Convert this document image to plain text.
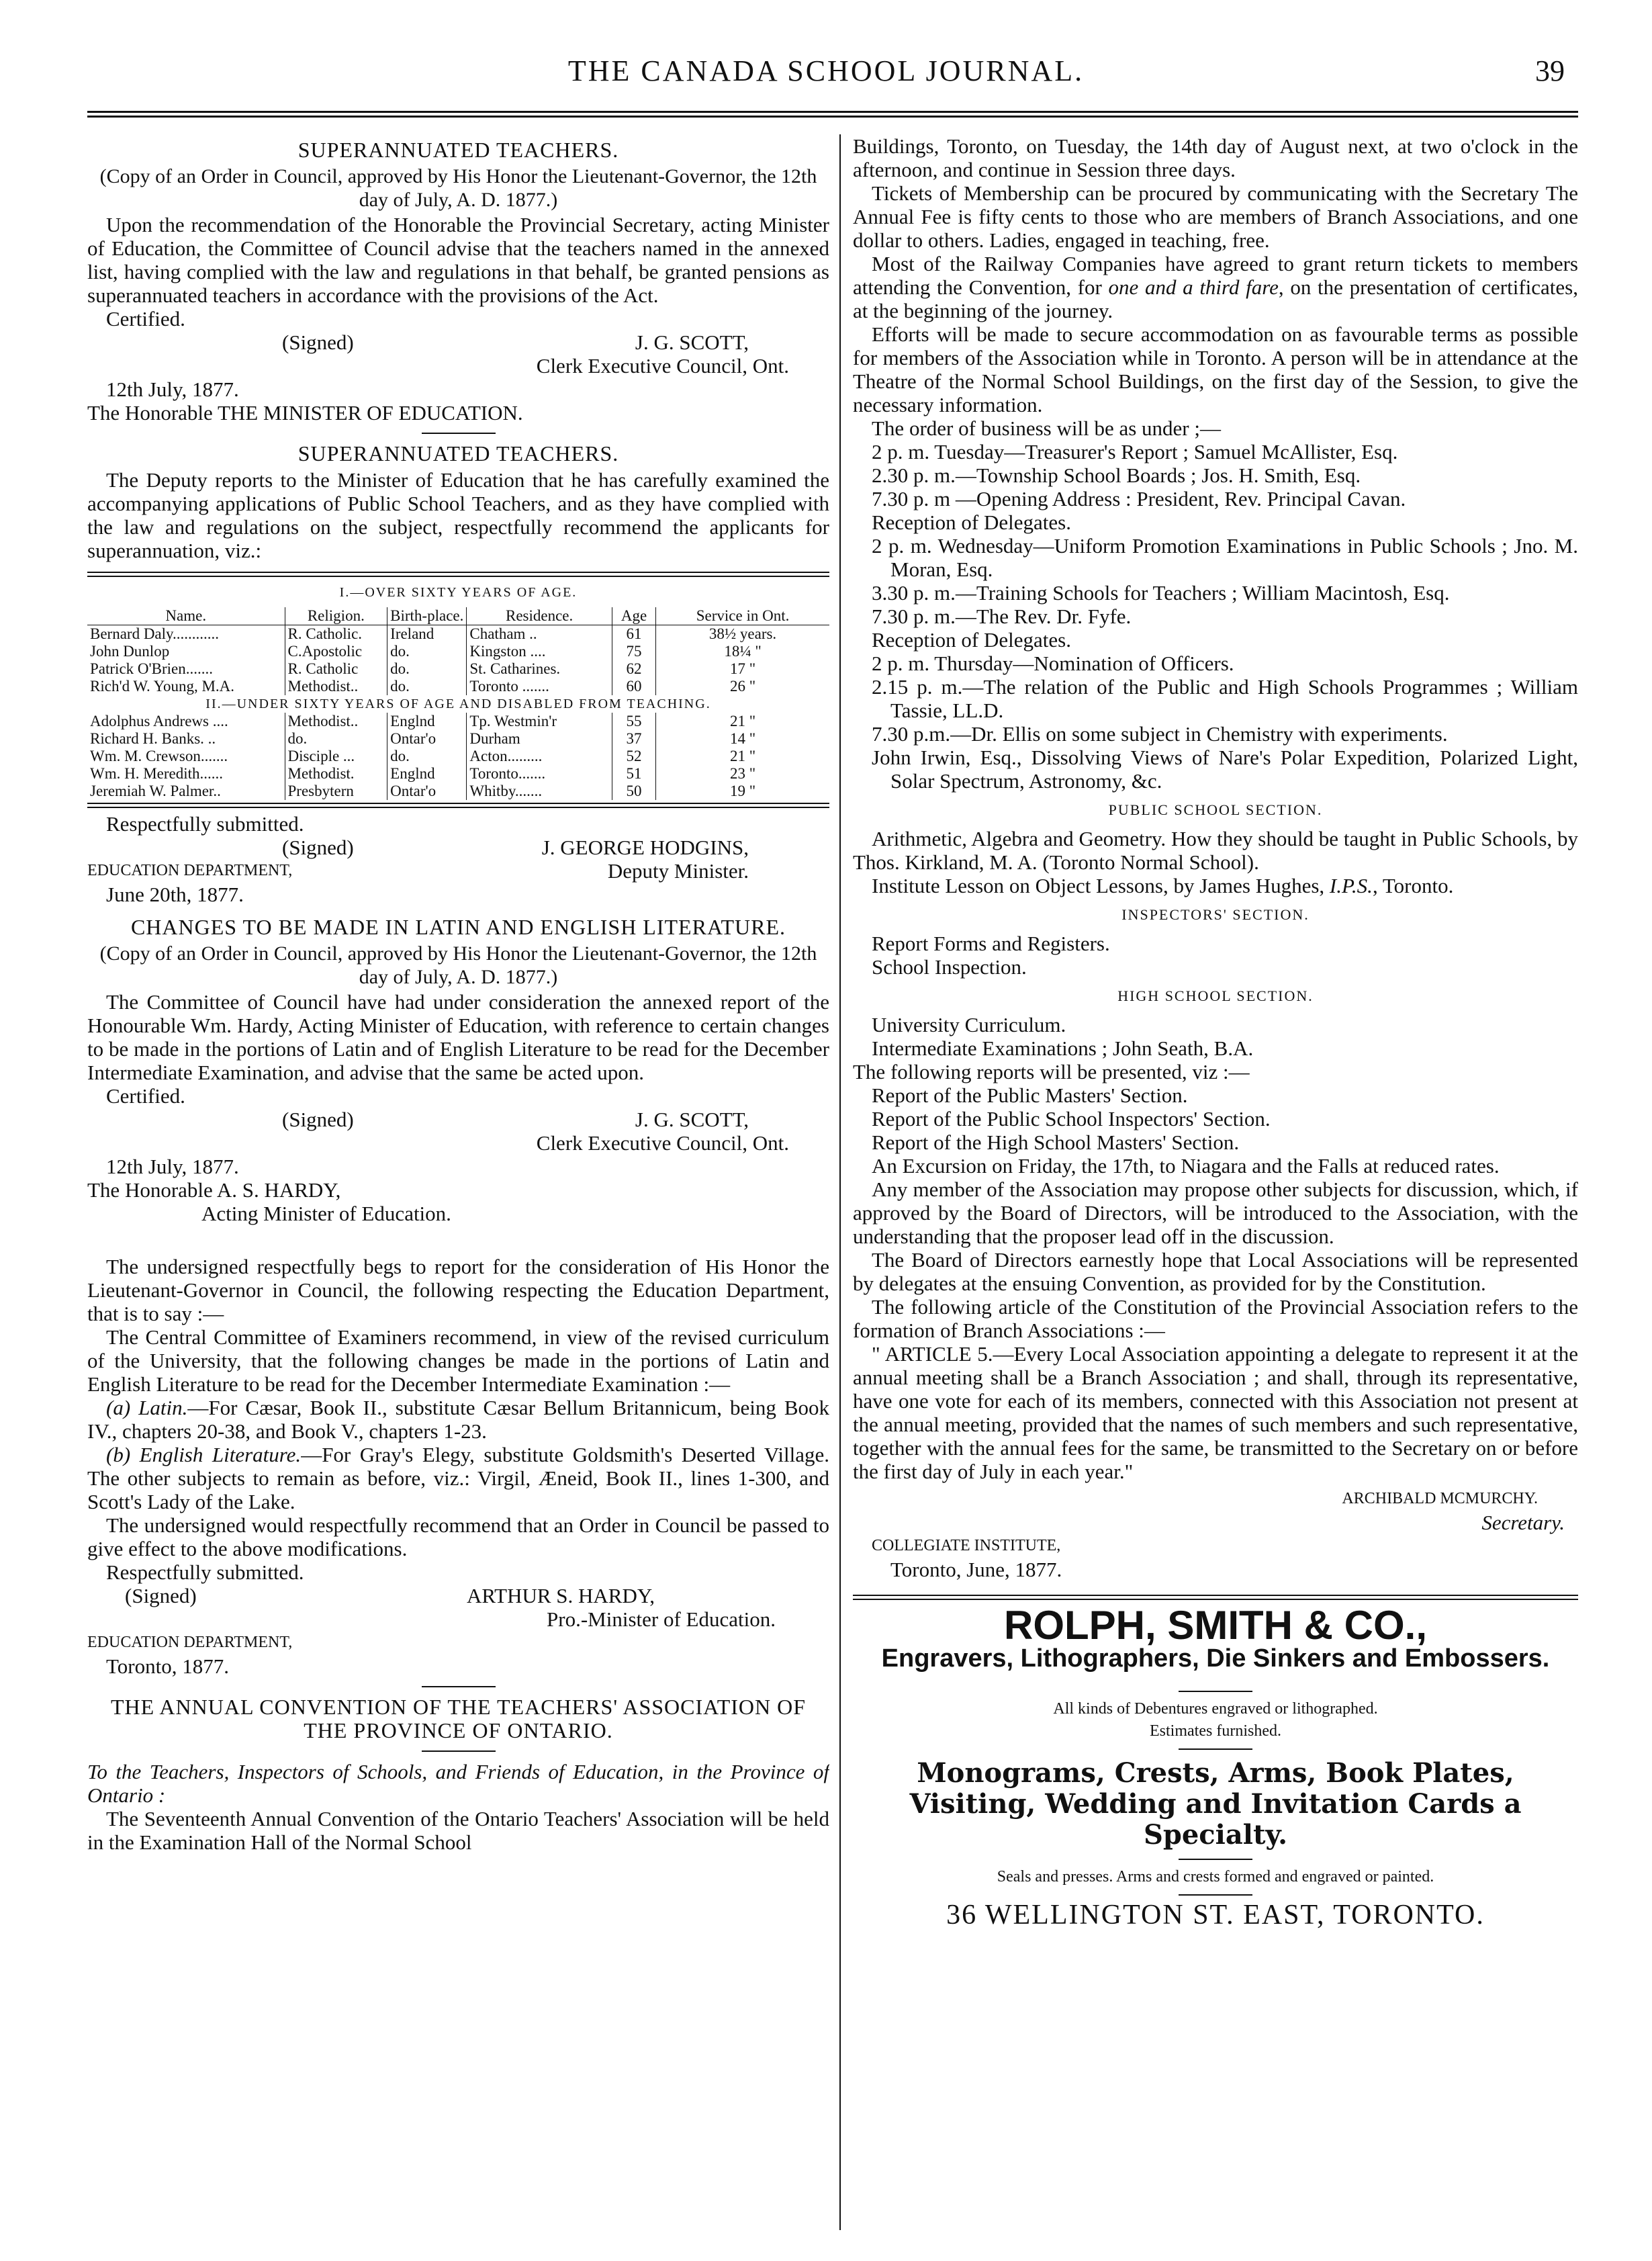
THE CANADA SCHOOL JOURNAL.	39
SUPERANNUATED TEACHERS.
(Copy of an Order in Council, approved by His Honor the Lieutenant-Governor, the 12th day of July, A. D. 1877.)

Upon the recommendation of the Honorable the Provincial Secretary, acting Minister of Education, the Committee of Council advise that the teachers named in the annexed list, having complied with the law and regulations in that behalf, be granted pensions as superannuated teachers in accordance with the provisions of the Act.

Certified.

(Signed)	J. G. SCOTT,
Clerk Executive Council, Ont.

12th July, 1877.

The Honorable THE MINISTER OF EDUCATION.

SUPERANNUATED TEACHERS.

The Deputy reports to the Minister of Education that he has carefully examined the accompanying applications of Public School Teachers, and as they have complied with the law and regulations on the subject, respectfully recommend the applicants for superannuation, viz.:

I.—OVER SIXTY YEARS OF AGE.
Name.	Religion.	Birth-place.	Residence.	Age	Service in Ont.
Bernard Daly............	R. Catholic.	Ireland	Chatham ..	61	38½ years.
John Dunlop	C.Apostolic	do.	Kingston ....	75	18¼ "
Patrick O'Brien.......	R. Catholic	do.	St. Catharines.	62	17 "
Rich'd W. Young, M.A.	Methodist..	do.	Toronto .......	60	26 "
II.—UNDER SIXTY YEARS OF AGE AND DISABLED FROM TEACHING.					
Adolphus Andrews ....	Methodist..	Englnd	Tp. Westmin'r	55	21 "
Richard H. Banks. ..	do.	Ontar'o	Durham	37	14 "
Wm. M. Crewson.......	Disciple ...	do.	Acton.........	52	21 "
Wm. H. Meredith......	Methodist.	Englnd	Toronto.......	51	23 "
Jeremiah W. Palmer..	Presbytern	Ontar'o	Whitby.......	50	19 "

Respectfully submitted.

(Signed)	J. GEORGE HODGINS,
EDUCATION DEPARTMENT,	Deputy Minister.

June 20th, 1877.

CHANGES TO BE MADE IN LATIN AND ENGLISH LITERATURE.
(Copy of an Order in Council, approved by His Honor the Lieutenant-Governor, the 12th day of July, A. D. 1877.)

The Committee of Council have had under consideration the annexed report of the Honourable Wm. Hardy, Acting Minister of Education, with reference to certain changes to be made in the portions of Latin and of English Literature to be read for the December Intermediate Examination, and advise that the same be acted upon.

Certified.

(Signed)	J. G. SCOTT,
Clerk Executive Council, Ont.

12th July, 1877.

The Honorable A. S. HARDY,

Acting Minister of Education.

The undersigned respectfully begs to report for the consideration of His Honor the Lieutenant-Governor in Council, the following respecting the Education Department, that is to say :—

The Central Committee of Examiners recommend, in view of the revised curriculum of the University, that the following changes be made in the portions of Latin and English Literature to be read for the December Intermediate Examination :—

(a) Latin.—For Cæsar, Book II., substitute Cæsar Bellum Britannicum, being Book IV., chapters 20-38, and Book V., chapters 1-23.

(b) English Literature.—For Gray's Elegy, substitute Goldsmith's Deserted Village. The other subjects to remain as before, viz.: Virgil, Æneid, Book II., lines 1-300, and Scott's Lady of the Lake.

The undersigned would respectfully recommend that an Order in Council be passed to give effect to the above modifications.

Respectfully submitted.

(Signed)	ARTHUR S. HARDY,
Pro.-Minister of Education.

EDUCATION DEPARTMENT,

Toronto, 1877.

THE ANNUAL CONVENTION OF THE TEACHERS' ASSOCIATION OF THE PROVINCE OF ONTARIO.

To the Teachers, Inspectors of Schools, and Friends of Education, in the Province of Ontario :

The Seventeenth Annual Convention of the Ontario Teachers' Association will be held in the Examination Hall of the Normal School

Buildings, Toronto, on Tuesday, the 14th day of August next, at two o'clock in the afternoon, and continue in Session three days.

Tickets of Membership can be procured by communicating with the Secretary The Annual Fee is fifty cents to those who are members of Branch Associations, and one dollar to others. Ladies, engaged in teaching, free.

Most of the Railway Companies have agreed to grant return tickets to members attending the Convention, for one and a third fare, on the presentation of certificates, at the beginning of the journey.

Efforts will be made to secure accommodation on as favourable terms as possible for members of the Association while in Toronto. A person will be in attendance at the Theatre of the Normal School Buildings, on the first day of the Session, to give the necessary information.

The order of business will be as under ;—

2 p. m. Tuesday—Treasurer's Report ; Samuel McAllister, Esq.

2.30 p. m.—Township School Boards ; Jos. H. Smith, Esq.

7.30 p. m —Opening Address : President, Rev. Principal Cavan.

Reception of Delegates.

2 p. m. Wednesday—Uniform Promotion Examinations in Public Schools ; Jno. M. Moran, Esq.

3.30 p. m.—Training Schools for Teachers ; William Macintosh, Esq.

7.30 p. m.—The Rev. Dr. Fyfe.

Reception of Delegates.

2 p. m. Thursday—Nomination of Officers.

2.15 p. m.—The relation of the Public and High Schools Programmes ; William Tassie, LL.D.

7.30 p.m.—Dr. Ellis on some subject in Chemistry with experiments.

John Irwin, Esq., Dissolving Views of Nare's Polar Expedition, Polarized Light, Solar Spectrum, Astronomy, &c.

PUBLIC SCHOOL SECTION.

Arithmetic, Algebra and Geometry. How they should be taught in Public Schools, by Thos. Kirkland, M. A. (Toronto Normal School).

Institute Lesson on Object Lessons, by James Hughes, I.P.S., Toronto.

INSPECTORS' SECTION.

Report Forms and Registers.

School Inspection.

HIGH SCHOOL SECTION.

University Curriculum.

Intermediate Examinations ; John Seath, B.A.

The following reports will be presented, viz :—

Report of the Public Masters' Section.

Report of the Public School Inspectors' Section.

Report of the High School Masters' Section.

An Excursion on Friday, the 17th, to Niagara and the Falls at reduced rates.

Any member of the Association may propose other subjects for discussion, which, if approved by the Board of Directors, will be introduced to the Association, with the understanding that the proposer lead off in the discussion.

The Board of Directors earnestly hope that Local Associations will be represented by delegates at the ensuing Convention, as provided for by the Constitution.

The following article of the Constitution of the Provincial Association refers to the formation of Branch Associations :—

" ARTICLE 5.—Every Local Association appointing a delegate to represent it at the annual meeting shall be a Branch Association ; and shall, through its representative, have one vote for each of its members, connected with this Association not present at the annual meeting, provided that the names of such members and such representative, together with the annual fees for the same, be transmitted to the Secretary on or before the first day of July in each year."

ARCHIBALD MCMURCHY.
Secretary.

COLLEGIATE INSTITUTE,

Toronto, June, 1877.

ROLPH, SMITH & CO.,
Engravers, Lithographers, Die Sinkers and Embossers.
All kinds of Debentures engraved or lithographed.
Estimates furnished.
Monograms, Crests, Arms, Book Plates, Visiting, Wedding and Invitation Cards a Specialty.
Seals and presses. Arms and crests formed and engraved or painted.
36 WELLINGTON ST. EAST, TORONTO.
